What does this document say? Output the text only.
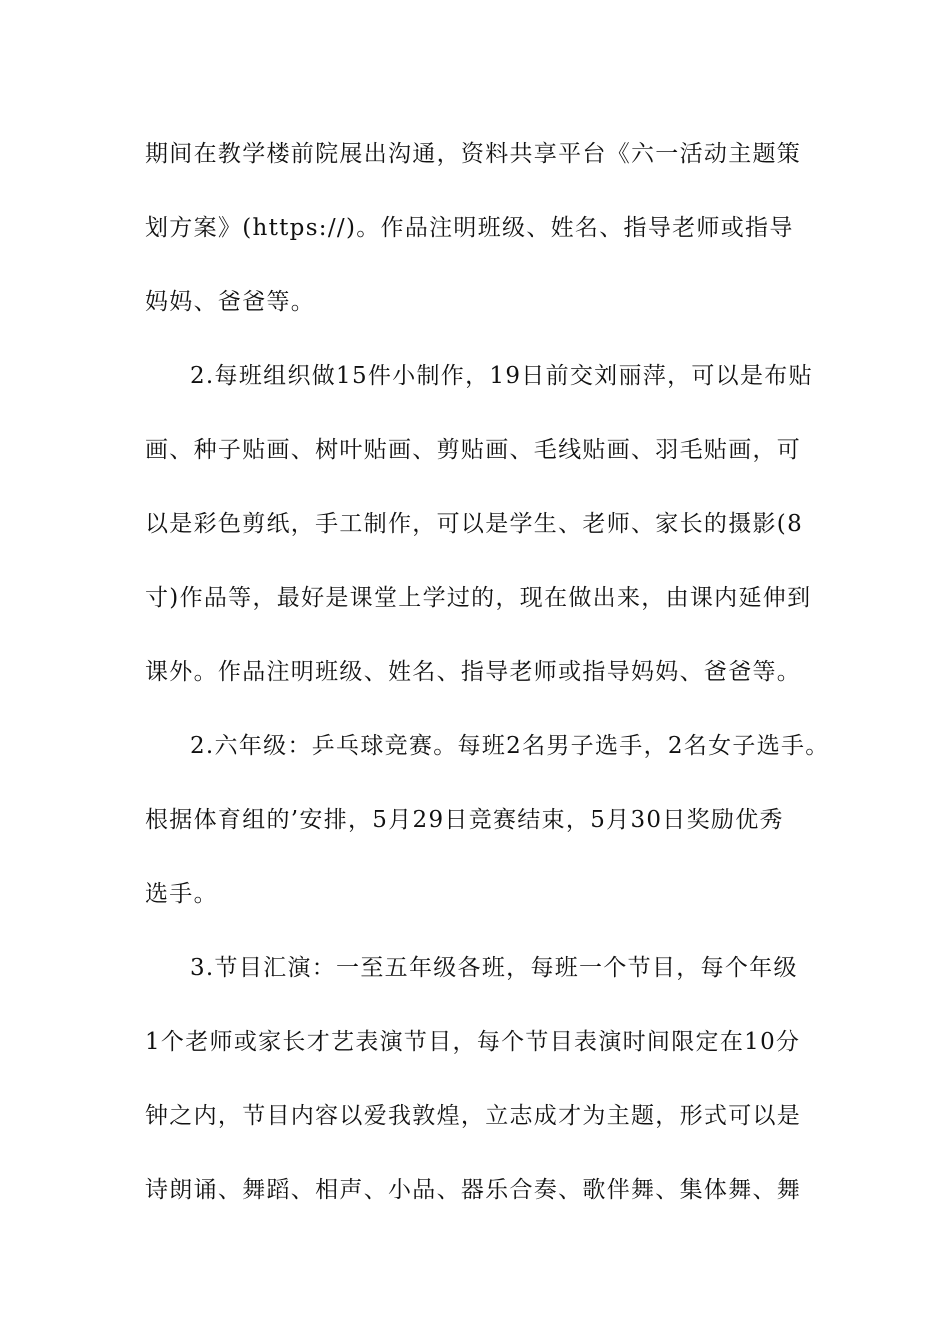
期间在教学楼前院展出沟通，资料共享平台《六一活动主题策
划方案》(https://)。作品注明班级、姓名、指导老师或指导
妈妈、爸爸等。
2.每班组织做15件小制作，19日前交刘丽萍，可以是布贴
画、种子贴画、树叶贴画、剪贴画、毛线贴画、羽毛贴画，可
以是彩色剪纸，手工制作，可以是学生、老师、家长的摄影(8
寸)作品等，最好是课堂上学过的，现在做出来，由课内延伸到
课外。作品注明班级、姓名、指导老师或指导妈妈、爸爸等。
2.六年级：乒乓球竞赛。每班2名男子选手，2名女子选手。
根据体育组的’安排，5月29日竞赛结束，5月30日奖励优秀
选手。
3.节目汇演：一至五年级各班，每班一个节目，每个年级
1个老师或家长才艺表演节目，每个节目表演时间限定在10分
钟之内，节目内容以爱我敦煌，立志成才为主题，形式可以是
诗朗诵、舞蹈、相声、小品、器乐合奏、歌伴舞、集体舞、舞
